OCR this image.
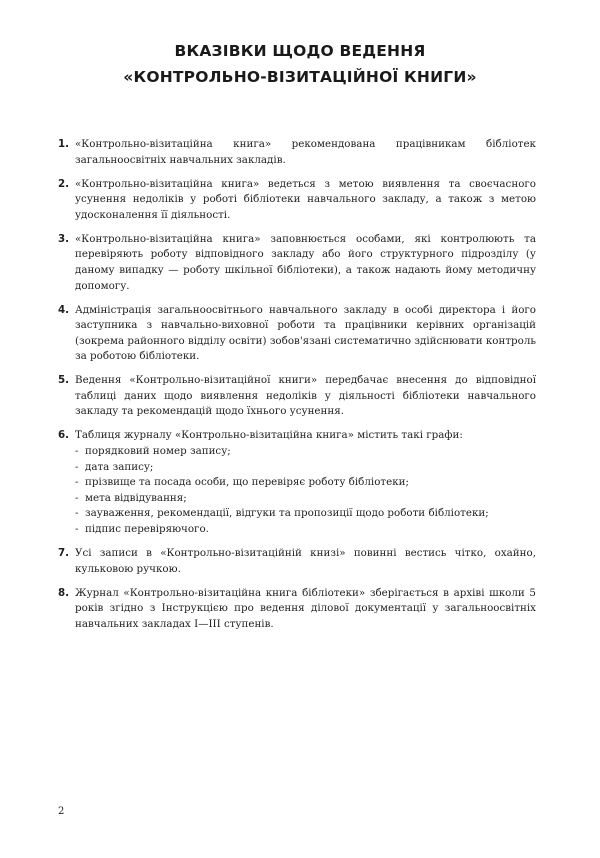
ВКАЗІВКИ ЩОДО ВЕДЕННЯ
«КОНТРОЛЬНО-ВІЗИТАЦІЙНОЇ КНИГИ»
1. «Контрольно-візитаційна книга» рекомендована працівникам бібліотек загальноосвітніх навчальних закладів.
2. «Контрольно-візитаційна книга» ведеться з метою виявлення та своєчасного усунення недоліків у роботі бібліотеки навчального закладу, а також з метою удосконалення її діяльності.
3. «Контрольно-візитаційна книга» заповнюється особами, які контролюють та перевіряють роботу відповідного закладу або його структурного підрозділу (у даному випадку — роботу шкільної бібліотеки), а також надають йому методичну допомогу.
4. Адміністрація загальноосвітнього навчального закладу в особі директора і його заступника з навчально-виховної роботи та працівники керівних організацій (зокрема районного відділу освіти) зобов'язані систематично здійснювати контроль за роботою бібліотеки.
5. Ведення «Контрольно-візитаційної книги» передбачає внесення до відповідної таблиці даних щодо виявлення недоліків у діяльності бібліотеки навчального закладу та рекомендацій щодо їхнього усунення.
6. Таблиця журналу «Контрольно-візитаційна книга» містить такі графи:
- порядковий номер запису;
- дата запису;
- прізвище та посада особи, що перевіряє роботу бібліотеки;
- мета відвідування;
- зауваження, рекомендації, відгуки та пропозиції щодо роботи бібліотеки;
- підпис перевіряючого.
7. Усі записи в «Контрольно-візитаційній книзі» повинні вестись чітко, охайно, кульковою ручкою.
8. Журнал «Контрольно-візитаційна книга бібліотеки» зберігається в архіві школи 5 років згідно з Інструкцією про ведення ділової документації у загальноосвітніх навчальних закладах І—ІІІ ступенів.
2
